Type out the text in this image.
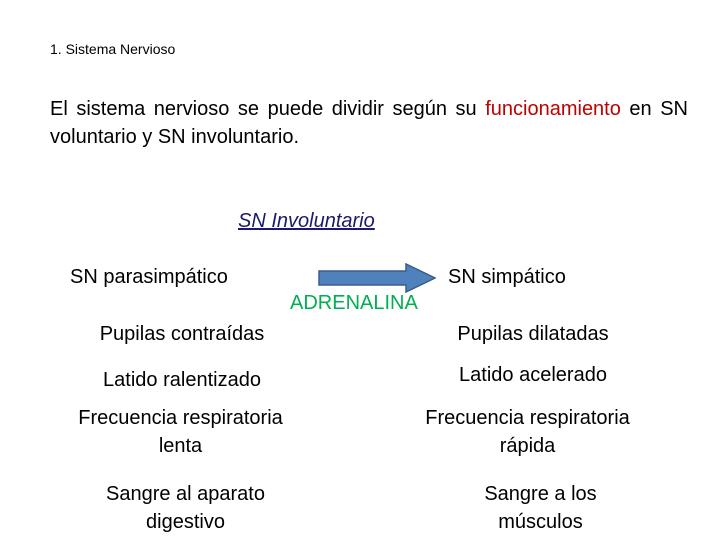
1. Sistema Nervioso
El sistema nervioso se puede dividir según su funcionamiento en SN voluntario y SN involuntario.
SN Involuntario
SN parasimpático	SN simpático
ADRENALINA
Pupilas contraídas
Latido ralentizado
Frecuencia respiratoria lenta
Sangre al aparato digestivo
Pupilas dilatadas
Latido acelerado
Frecuencia respiratoria rápida
Sangre a los músculos
